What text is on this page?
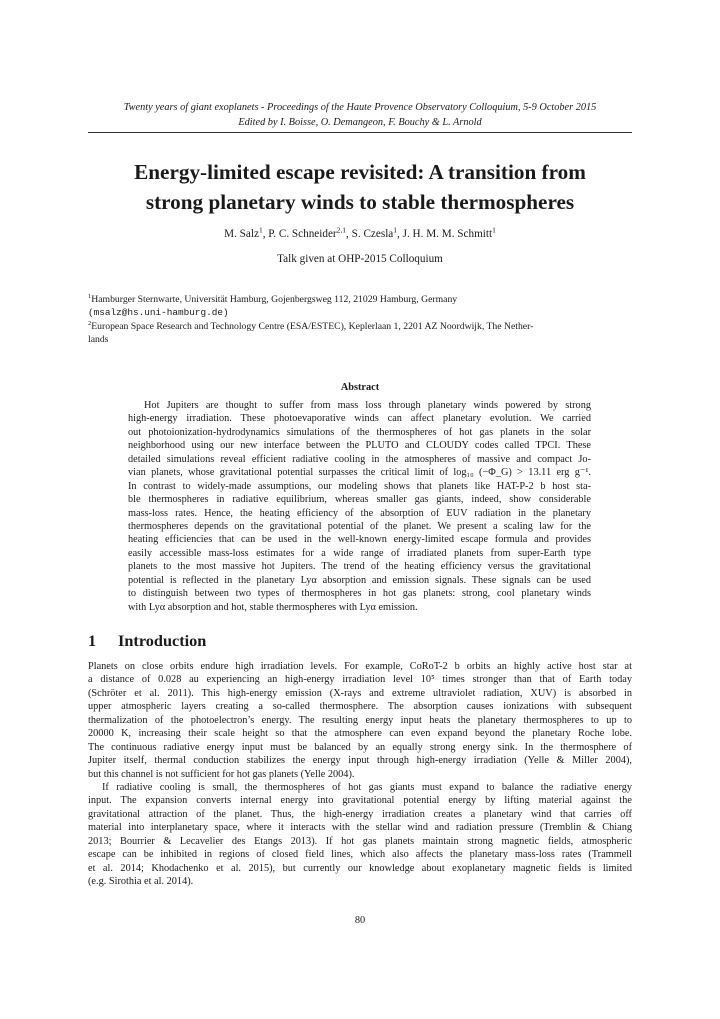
Twenty years of giant exoplanets - Proceedings of the Haute Provence Observatory Colloquium, 5-9 October 2015
Edited by I. Boisse, O. Demangeon, F. Bouchy & L. Arnold
Energy-limited escape revisited: A transition from
strong planetary winds to stable thermospheres
M. Salz$^1$, P. C. Schneider$^{2,1}$, S. Czesla$^1$, J. H. M. M. Schmitt$^1$
Talk given at OHP-2015 Colloquium
$^1$Hamburger Sternwarte, Universität Hamburg, Gojenbergsweg 112, 21029 Hamburg, Germany
(msalz@hs.uni-hamburg.de)
$^2$European Space Research and Technology Centre (ESA/ESTEC), Keplerlaan 1, 2201 AZ Noordwijk, The Nether-
lands
Abstract
Hot Jupiters are thought to suffer from mass loss through planetary winds powered by strong
high-energy irradiation. These photoevaporative winds can affect planetary evolution. We carried
out photoionization-hydrodynamics simulations of the thermospheres of hot gas planets in the solar
neighborhood using our new interface between the PLUTO and CLOUDY codes called TPCI. These
detailed simulations reveal efficient radiative cooling in the atmospheres of massive and compact Jo-
vian planets, whose gravitational potential surpasses the critical limit of log₁₀ (−Φ_G) > 13.11 erg g⁻¹.
In contrast to widely-made assumptions, our modeling shows that planets like HAT-P-2 b host sta-
ble thermospheres in radiative equilibrium, whereas smaller gas giants, indeed, show considerable
mass-loss rates. Hence, the heating efficiency of the absorption of EUV radiation in the planetary
thermospheres depends on the gravitational potential of the planet. We present a scaling law for the
heating efficiencies that can be used in the well-known energy-limited escape formula and provides
easily accessible mass-loss estimates for a wide range of irradiated planets from super-Earth type
planets to the most massive hot Jupiters. The trend of the heating efficiency versus the gravitational
potential is reflected in the planetary Lyα absorption and emission signals. These signals can be used
to distinguish between two types of thermospheres in hot gas planets: strong, cool planetary winds
with Lyα absorption and hot, stable thermospheres with Lyα emission.
1 Introduction
Planets on close orbits endure high irradiation levels. For example, CoRoT-2 b orbits an highly active host star at
a distance of 0.028 au experiencing an high-energy irradiation level 10⁵ times stronger than that of Earth today
(Schröter et al. 2011). This high-energy emission (X-rays and extreme ultraviolet radiation, XUV) is absorbed in
upper atmospheric layers creating a so-called thermosphere. The absorption causes ionizations with subsequent
thermalization of the photoelectron’s energy. The resulting energy input heats the planetary thermospheres to up to
20000 K, increasing their scale height so that the atmosphere can even expand beyond the planetary Roche lobe.
The continuous radiative energy input must be balanced by an equally strong energy sink. In the thermosphere of
Jupiter itself, thermal conduction stabilizes the energy input through high-energy irradiation (Yelle & Miller 2004),
but this channel is not sufficient for hot gas planets (Yelle 2004).
If radiative cooling is small, the thermospheres of hot gas giants must expand to balance the radiative energy
input. The expansion converts internal energy into gravitational potential energy by lifting material against the
gravitational attraction of the planet. Thus, the high-energy irradiation creates a planetary wind that carries off
material into interplanetary space, where it interacts with the stellar wind and radiation pressure (Tremblin & Chiang
2013; Bourrier & Lecavelier des Etangs 2013). If hot gas planets maintain strong magnetic fields, atmospheric
escape can be inhibited in regions of closed field lines, which also affects the planetary mass-loss rates (Trammell
et al. 2014; Khodachenko et al. 2015), but currently our knowledge about exoplanetary magnetic fields is limited
(e.g. Sirothia et al. 2014).
80
